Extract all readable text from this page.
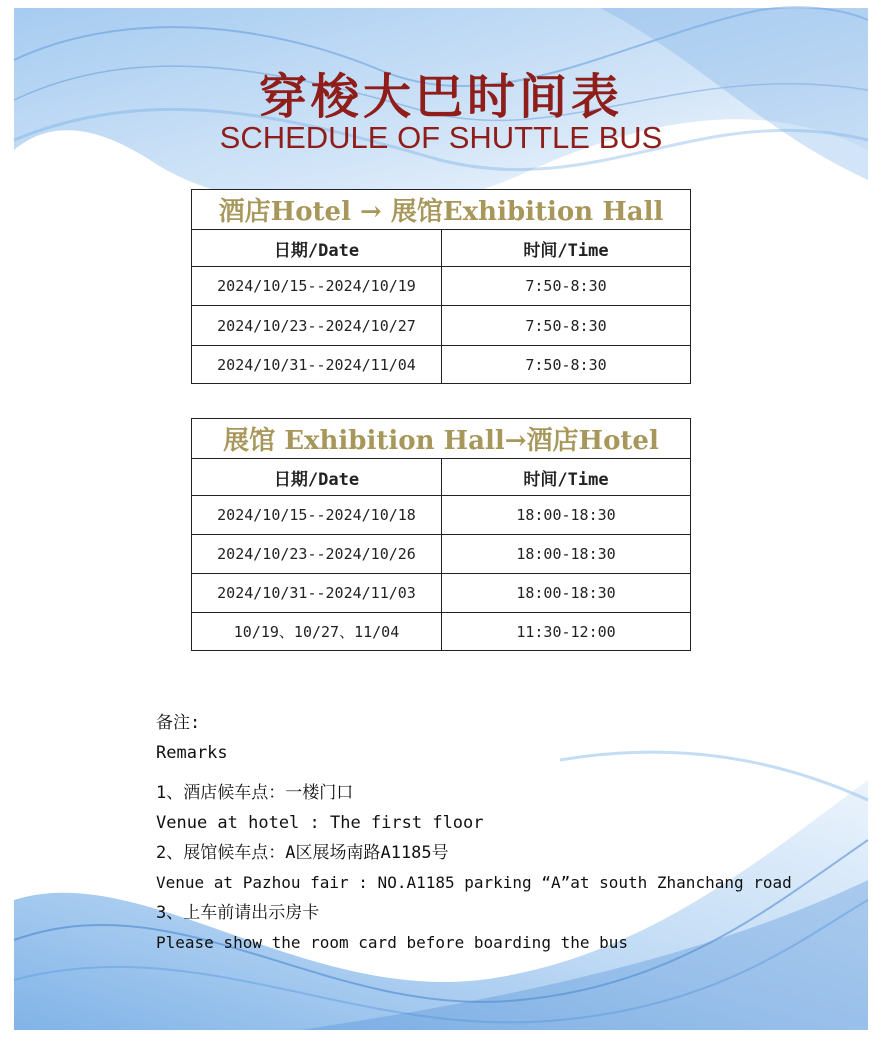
穿梭大巴时间表
SCHEDULE OF SHUTTLE BUS
酒店Hotel → 展馆Exhibition Hall	
日期/Date	时间/Time
2024/10/15--2024/10/19	7:50-8:30
2024/10/23--2024/10/27	7:50-8:30
2024/10/31--2024/11/04	7:50-8:30
展馆 Exhibition Hall→酒店Hotel	
日期/Date	时间/Time
2024/10/15--2024/10/18	18:00-18:30
2024/10/23--2024/10/26	18:00-18:30
2024/10/31--2024/11/03	18:00-18:30
10/19、10/27、11/04	11:30-12:00
备注:
Remarks
1、酒店候车点：一楼门口
Venue at hotel : The first floor
2、展馆候车点：A区展场南路A1185号
Venue at Pazhou fair : NO.A1185 parking “A”at south Zhanchang road
3、上车前请出示房卡
Please show the room card before boarding the bus
